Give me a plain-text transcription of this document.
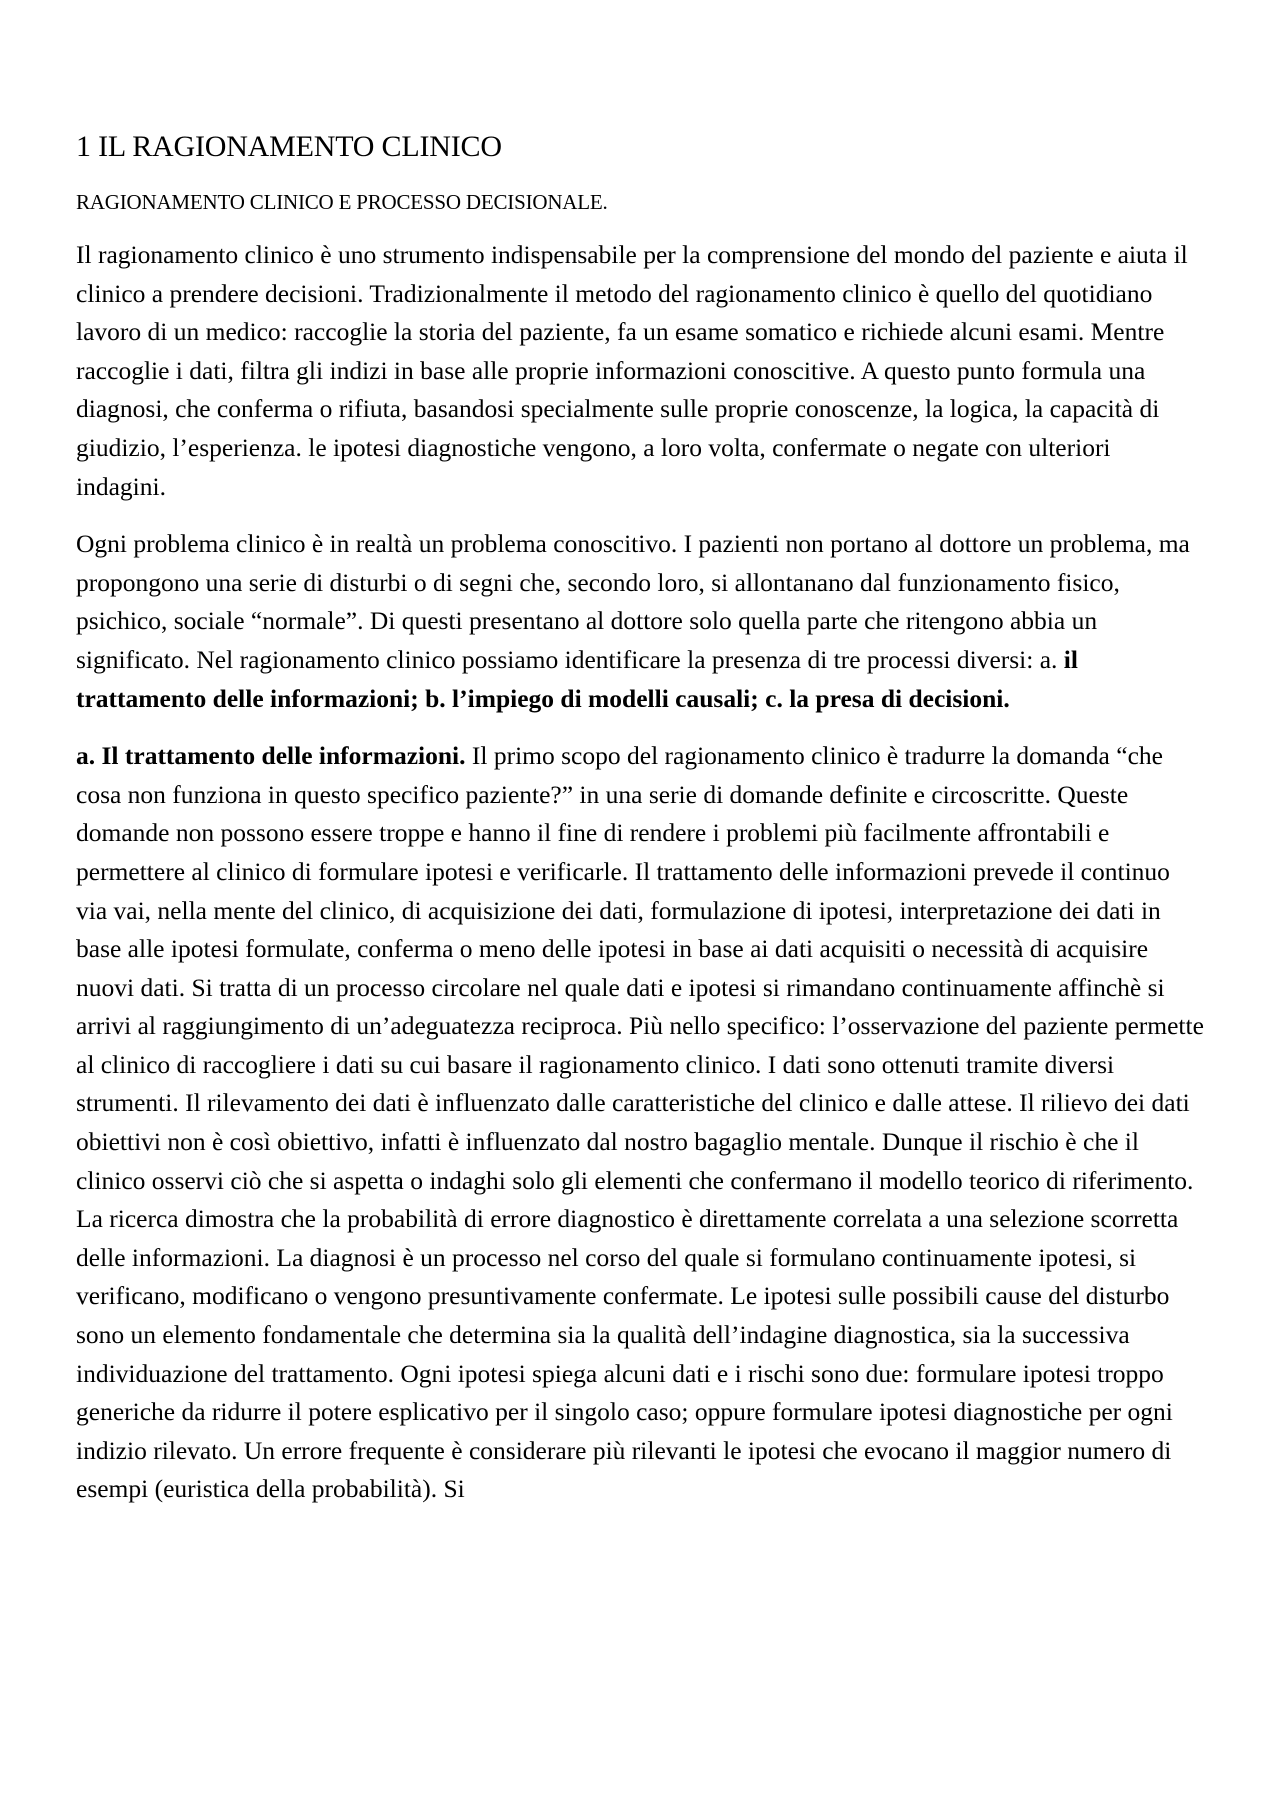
1 IL RAGIONAMENTO CLINICO

RAGIONAMENTO CLINICO E PROCESSO DECISIONALE.

Il ragionamento clinico è uno strumento indispensabile per la comprensione del mondo del paziente e aiuta il clinico a prendere decisioni. Tradizionalmente il metodo del ragionamento clinico è quello del quotidiano lavoro di un medico: raccoglie la storia del paziente, fa un esame somatico e richiede alcuni esami. Mentre raccoglie i dati, filtra gli indizi in base alle proprie informazioni conoscitive. A questo punto formula una diagnosi, che conferma o rifiuta, basandosi specialmente sulle proprie conoscenze, la logica, la capacità di giudizio, l’esperienza. le ipotesi diagnostiche vengono, a loro volta, confermate o negate con ulteriori indagini.

Ogni problema clinico è in realtà un problema conoscitivo. I pazienti non portano al dottore un problema, ma propongono una serie di disturbi o di segni che, secondo loro, si allontanano dal funzionamento fisico, psichico, sociale “normale”. Di questi presentano al dottore solo quella parte che ritengono abbia un significato. Nel ragionamento clinico possiamo identificare la presenza di tre processi diversi: a. il trattamento delle informazioni; b. l’impiego di modelli causali; c. la presa di decisioni.

a. Il trattamento delle informazioni. Il primo scopo del ragionamento clinico è tradurre la domanda “che cosa non funziona in questo specifico paziente?” in una serie di domande definite e circoscritte. Queste domande non possono essere troppe e hanno il fine di rendere i problemi più facilmente affrontabili e permettere al clinico di formulare ipotesi e verificarle. Il trattamento delle informazioni prevede il continuo via vai, nella mente del clinico, di acquisizione dei dati, formulazione di ipotesi, interpretazione dei dati in base alle ipotesi formulate, conferma o meno delle ipotesi in base ai dati acquisiti o necessità di acquisire nuovi dati. Si tratta di un processo circolare nel quale dati e ipotesi si rimandano continuamente affinchè si arrivi al raggiungimento di un’adeguatezza reciproca. Più nello specifico: l’osservazione del paziente permette al clinico di raccogliere i dati su cui basare il ragionamento clinico. I dati sono ottenuti tramite diversi strumenti. Il rilevamento dei dati è influenzato dalle caratteristiche del clinico e dalle attese. Il rilievo dei dati obiettivi non è così obiettivo, infatti è influenzato dal nostro bagaglio mentale. Dunque il rischio è che il clinico osservi ciò che si aspetta o indaghi solo gli elementi che confermano il modello teorico di riferimento. La ricerca dimostra che la probabilità di errore diagnostico è direttamente correlata a una selezione scorretta delle informazioni. La diagnosi è un processo nel corso del quale si formulano continuamente ipotesi, si verificano, modificano o vengono presuntivamente confermate. Le ipotesi sulle possibili cause del disturbo sono un elemento fondamentale che determina sia la qualità dell’indagine diagnostica, sia la successiva individuazione del trattamento. Ogni ipotesi spiega alcuni dati e i rischi sono due: formulare ipotesi troppo generiche da ridurre il potere esplicativo per il singolo caso; oppure formulare ipotesi diagnostiche per ogni indizio rilevato. Un errore frequente è considerare più rilevanti le ipotesi che evocano il maggior numero di esempi (euristica della probabilità). Si
